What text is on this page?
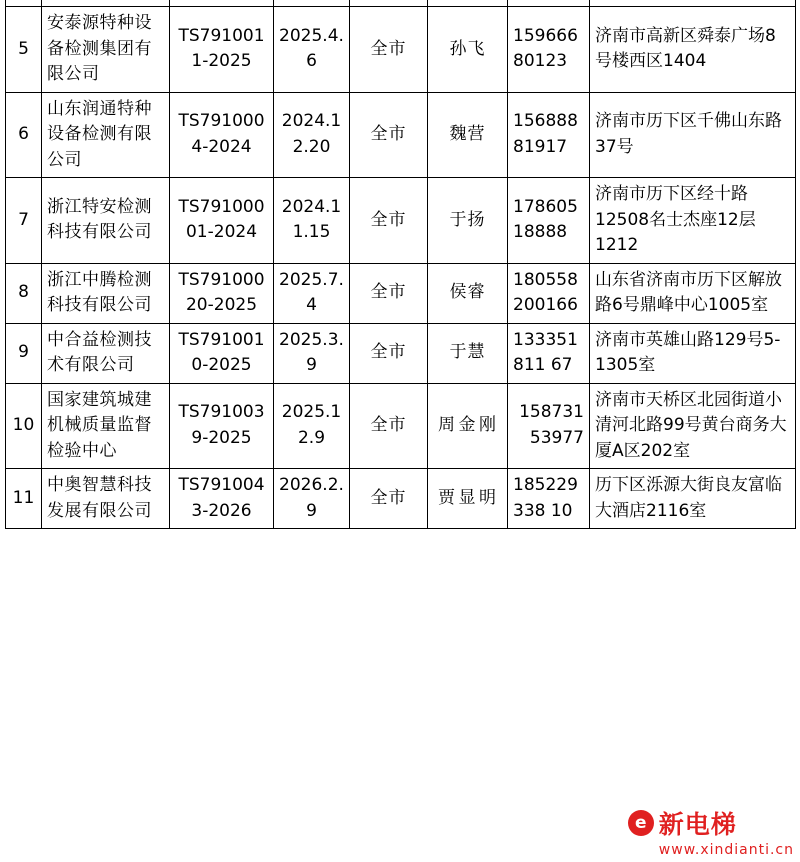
5	安泰源特种设备检测集团有限公司	TS7910011-2025	2025.4.6	全市	孙飞	15966680123	济南市高新区舜泰广场8号楼西区1404
6	山东润通特种设备检测有限公司	TS7910004-2024	2024.12.20	全市	魏营	15688881917	济南市历下区千佛山东路37号
7	浙江特安检测科技有限公司	TS791000 01-2024	2024.11.15	全市	于扬	17860518888	济南市历下区经十路12508名士杰座12层1212
8	浙江中腾检测科技有限公司	TS791000 20-2025	2025.7.4	全市	侯睿	180558200166	山东省济南市历下区解放路6号鼎峰中心1005室
9	中合益检测技术有限公司	TS7910010-2025	2025.3.9	全市	于慧	133351811 67	济南市英雄山路129号5-1305室
10	国家建筑城建机械质量监督检验中心	TS7910039-2025	2025.12.9	全市	周金刚	15873153977	济南市天桥区北园街道小清河北路99号黄台商务大厦A区202室
11	中奥智慧科技发展有限公司	TS7910043-2026	2026.2.9	全市	贾显明	185229338 10	历下区泺源大街良友富临大酒店2116室
e 新电梯
www.xindianti.cn
